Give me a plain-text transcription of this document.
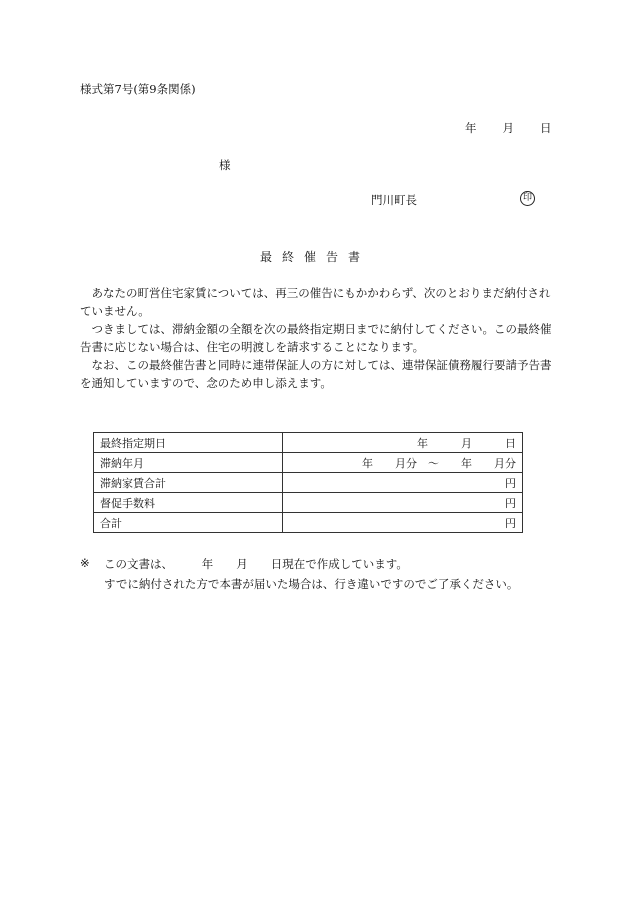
様式第7号(第9条関係)
年 月 日
様
門川町長	印
最終催告書

あなたの町営住宅家賃については、再三の催告にもかかわらず、次のとおりまだ納付されていません。

つきましては、滞納金額の全額を次の最終指定期日までに納付してください。この最終催告書に応じない場合は、住宅の明渡しを請求することになります。

なお、この最終催告書と同時に連帯保証人の方に対しては、連帯保証債務履行要請予告書を通知していますので、念のため申し添えます。

最終指定期日	年　　　月　　　日
滞納年月	年　　月分　～　　年　　月分
滞納家賃合計	円
督促手数料	円
合計	円
※ この文書は、　　　年　　月　　日現在で作成しています。
すでに納付された方で本書が届いた場合は、行き違いですのでご了承ください。
